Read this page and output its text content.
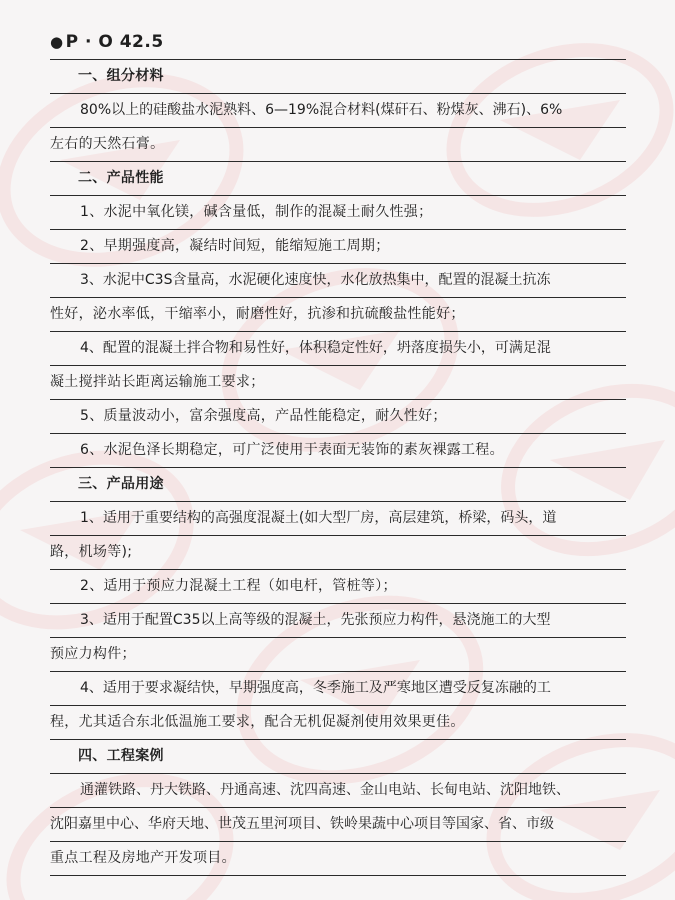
● P · O 42.5
一、组分材料
80%以上的硅酸盐水泥熟料、6—19%混合材料(煤矸石、粉煤灰、沸石)、6%
左右的天然石膏。
二、产品性能
1、水泥中氧化镁，碱含量低，制作的混凝土耐久性强；
2、早期强度高，凝结时间短，能缩短施工周期；
3、水泥中C3S含量高，水泥硬化速度快，水化放热集中，配置的混凝土抗冻
性好，泌水率低，干缩率小，耐磨性好，抗渗和抗硫酸盐性能好；
4、配置的混凝土拌合物和易性好，体积稳定性好，坍落度损失小，可满足混
凝土搅拌站长距离运输施工要求；
5、质量波动小，富余强度高，产品性能稳定，耐久性好；
6、水泥色泽长期稳定，可广泛使用于表面无装饰的素灰裸露工程。
三、产品用途
1、适用于重要结构的高强度混凝土(如大型厂房，高层建筑，桥梁，码头，道
路，机场等);
2、适用于预应力混凝土工程（如电杆，管桩等）；
3、适用于配置C35以上高等级的混凝土，先张预应力构件，悬浇施工的大型
预应力构件；
4、适用于要求凝结快，早期强度高，冬季施工及严寒地区遭受反复冻融的工
程，尤其适合东北低温施工要求，配合无机促凝剂使用效果更佳。
四、工程案例
通灌铁路、丹大铁路、丹通高速、沈四高速、金山电站、长甸电站、沈阳地铁、
沈阳嘉里中心、华府天地、世茂五里河项目、铁岭果蔬中心项目等国家、省、市级
重点工程及房地产开发项目。
